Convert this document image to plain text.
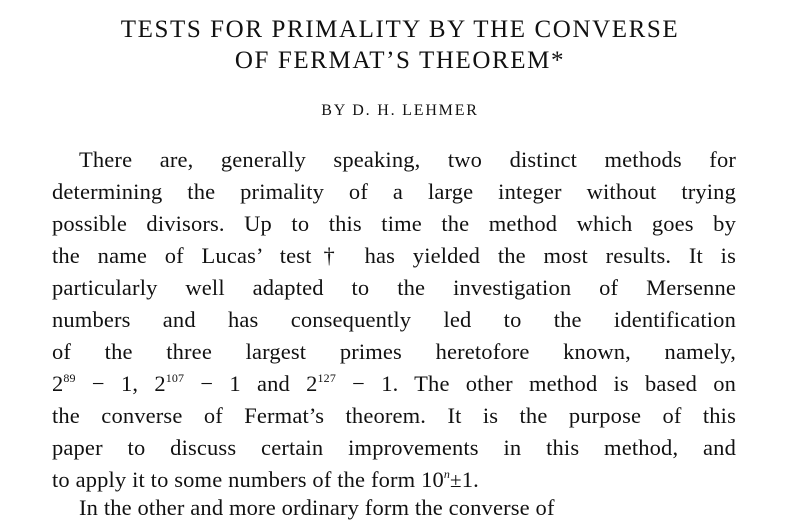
TESTS FOR PRIMALITY BY THE CONVERSE
OF FERMAT’S THEOREM*
BY D. H. LEHMER
There are, generally speaking, two distinct methods for
determining the primality of a large integer without trying
possible divisors. Up to this time the method which goes by
the name of Lucas’ test† has yielded the most results. It is
particularly well adapted to the investigation of Mersenne
numbers and has consequently led to the identification
of the three largest primes heretofore known, namely,
$2^{89} - 1$, $2^{107} - 1$ and $2^{127} - 1$. The other method is based on
the converse of Fermat’s theorem. It is the purpose of this
paper to discuss certain improvements in this method, and
to apply it to some numbers of the form $10^n\pm 1$.
In the other and more ordinary form the converse of
